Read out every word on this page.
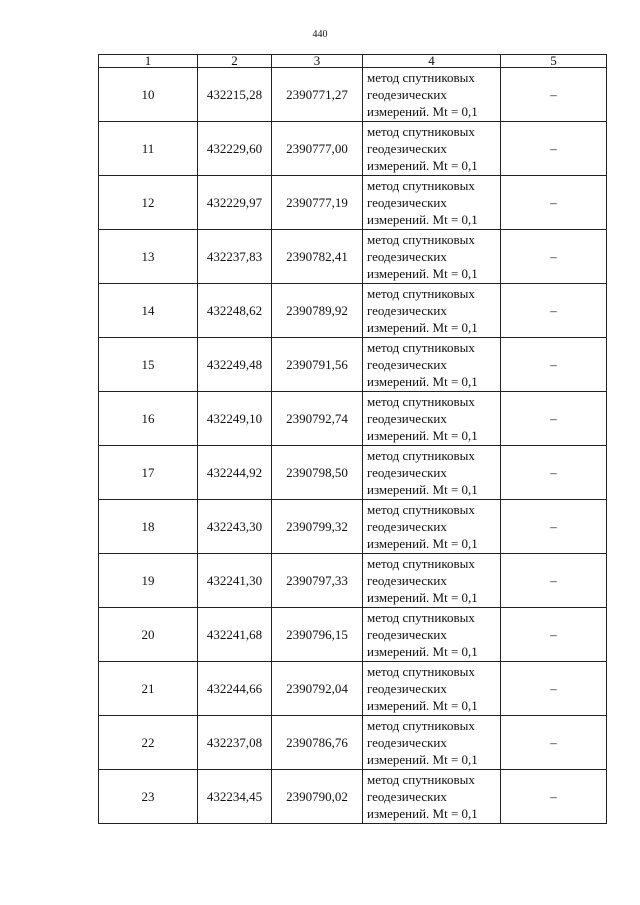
440
1	2	3	4	5
10	432215,28	2390771,27	метод спутниковых
геодезических
измерений. Mt = 0,1	–
11	432229,60	2390777,00	метод спутниковых
геодезических
измерений. Mt = 0,1	–
12	432229,97	2390777,19	метод спутниковых
геодезических
измерений. Mt = 0,1	–
13	432237,83	2390782,41	метод спутниковых
геодезических
измерений. Mt = 0,1	–
14	432248,62	2390789,92	метод спутниковых
геодезических
измерений. Mt = 0,1	–
15	432249,48	2390791,56	метод спутниковых
геодезических
измерений. Mt = 0,1	–
16	432249,10	2390792,74	метод спутниковых
геодезических
измерений. Mt = 0,1	–
17	432244,92	2390798,50	метод спутниковых
геодезических
измерений. Mt = 0,1	–
18	432243,30	2390799,32	метод спутниковых
геодезических
измерений. Mt = 0,1	–
19	432241,30	2390797,33	метод спутниковых
геодезических
измерений. Mt = 0,1	–
20	432241,68	2390796,15	метод спутниковых
геодезических
измерений. Mt = 0,1	–
21	432244,66	2390792,04	метод спутниковых
геодезических
измерений. Mt = 0,1	–
22	432237,08	2390786,76	метод спутниковых
геодезических
измерений. Mt = 0,1	–
23	432234,45	2390790,02	метод спутниковых
геодезических
измерений. Mt = 0,1	–
